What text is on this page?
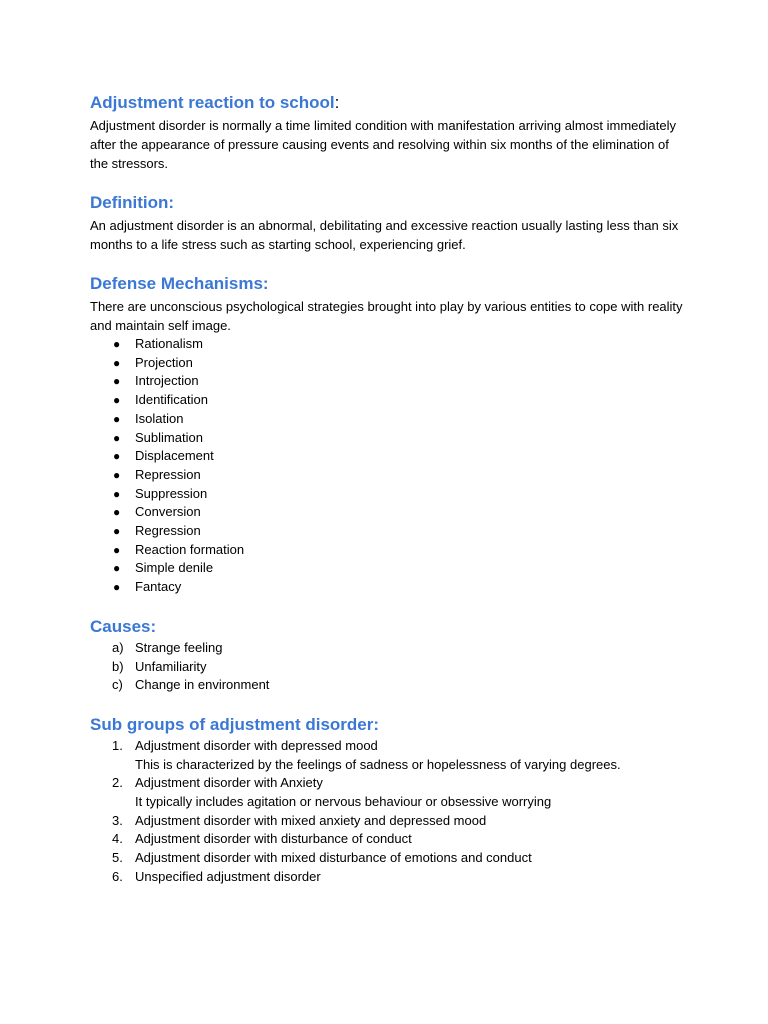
Adjustment reaction to school:

Adjustment disorder is normally a time limited condition with manifestation arriving almost immediately after the appearance of pressure causing events and resolving within six months of the elimination of the stressors.

Definition:

An adjustment disorder is an abnormal, debilitating and excessive reaction usually lasting less than six months to a life stress such as starting school, experiencing grief.

Defense Mechanisms:

There are unconscious psychological strategies brought into play by various entities to cope with reality and maintain self image.

● Rationalism
● Projection
● Introjection
● Identification
● Isolation
● Sublimation
● Displacement
● Repression
● Suppression
● Conversion
● Regression
● Reaction formation
● Simple denile
● Fantacy
Causes:
a) Strange feeling
b) Unfamiliarity
c) Change in environment
Sub groups of adjustment disorder:
1. Adjustment disorder with depressed mood
This is characterized by the feelings of sadness or hopelessness of varying degrees.
2. Adjustment disorder with Anxiety
It typically includes agitation or nervous behaviour or obsessive worrying
3. Adjustment disorder with mixed anxiety and depressed mood
4. Adjustment disorder with disturbance of conduct
5. Adjustment disorder with mixed disturbance of emotions and conduct
6. Unspecified adjustment disorder
